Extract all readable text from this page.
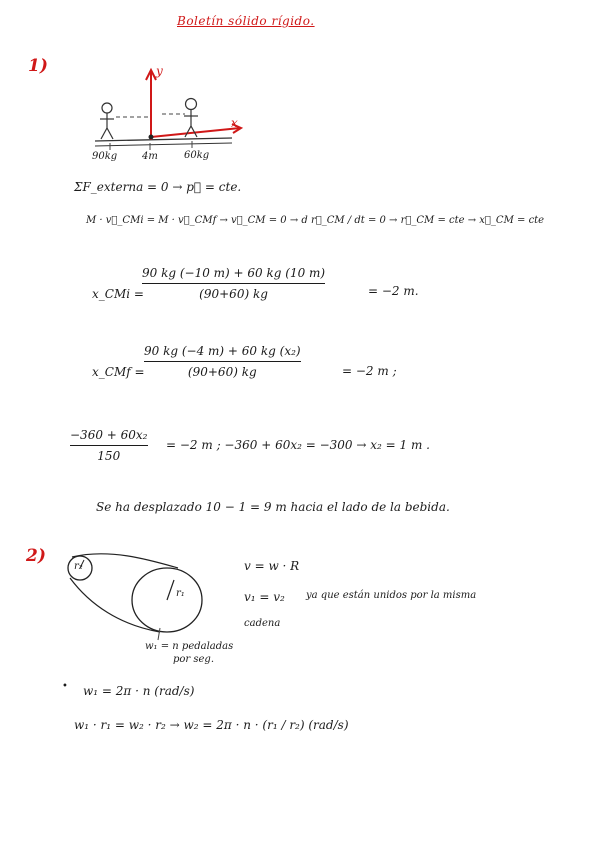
Boletín sólido rígido.
1)	y
x
90kg 4m	60kg
ΣF_externa = 0 → p⃗ = cte.
M · v⃗_CMi = M · v⃗_CMf → v⃗_CM = 0 → d r⃗_CM / dt = 0 → r⃗_CM = cte → x⃗_CM = cte
x_CMi =
90 kg (−10 m) + 60 kg (10 m)
(90+60) kg	= −2 m.
x_CMf =
90 kg (−4 m) + 60 kg (x₂)
(90+60) kg	= −2 m ;
−360 + 60x₂
150
= −2 m ; −360 + 60x₂ = −300 → x₂ = 1 m .
Se ha desplazado 10 − 1 = 9 m hacia el lado de la bebida.
2)
r₂
r₁
w₁ = n pedaladas
por seg.
v = w · R
v₁ = v₂ ya que están unidos por la misma
cadena
• w₁ = 2π · n (rad/s)
w₁ · r₁ = w₂ · r₂ → w₂ = 2π · n · (r₁ / r₂) (rad/s)
